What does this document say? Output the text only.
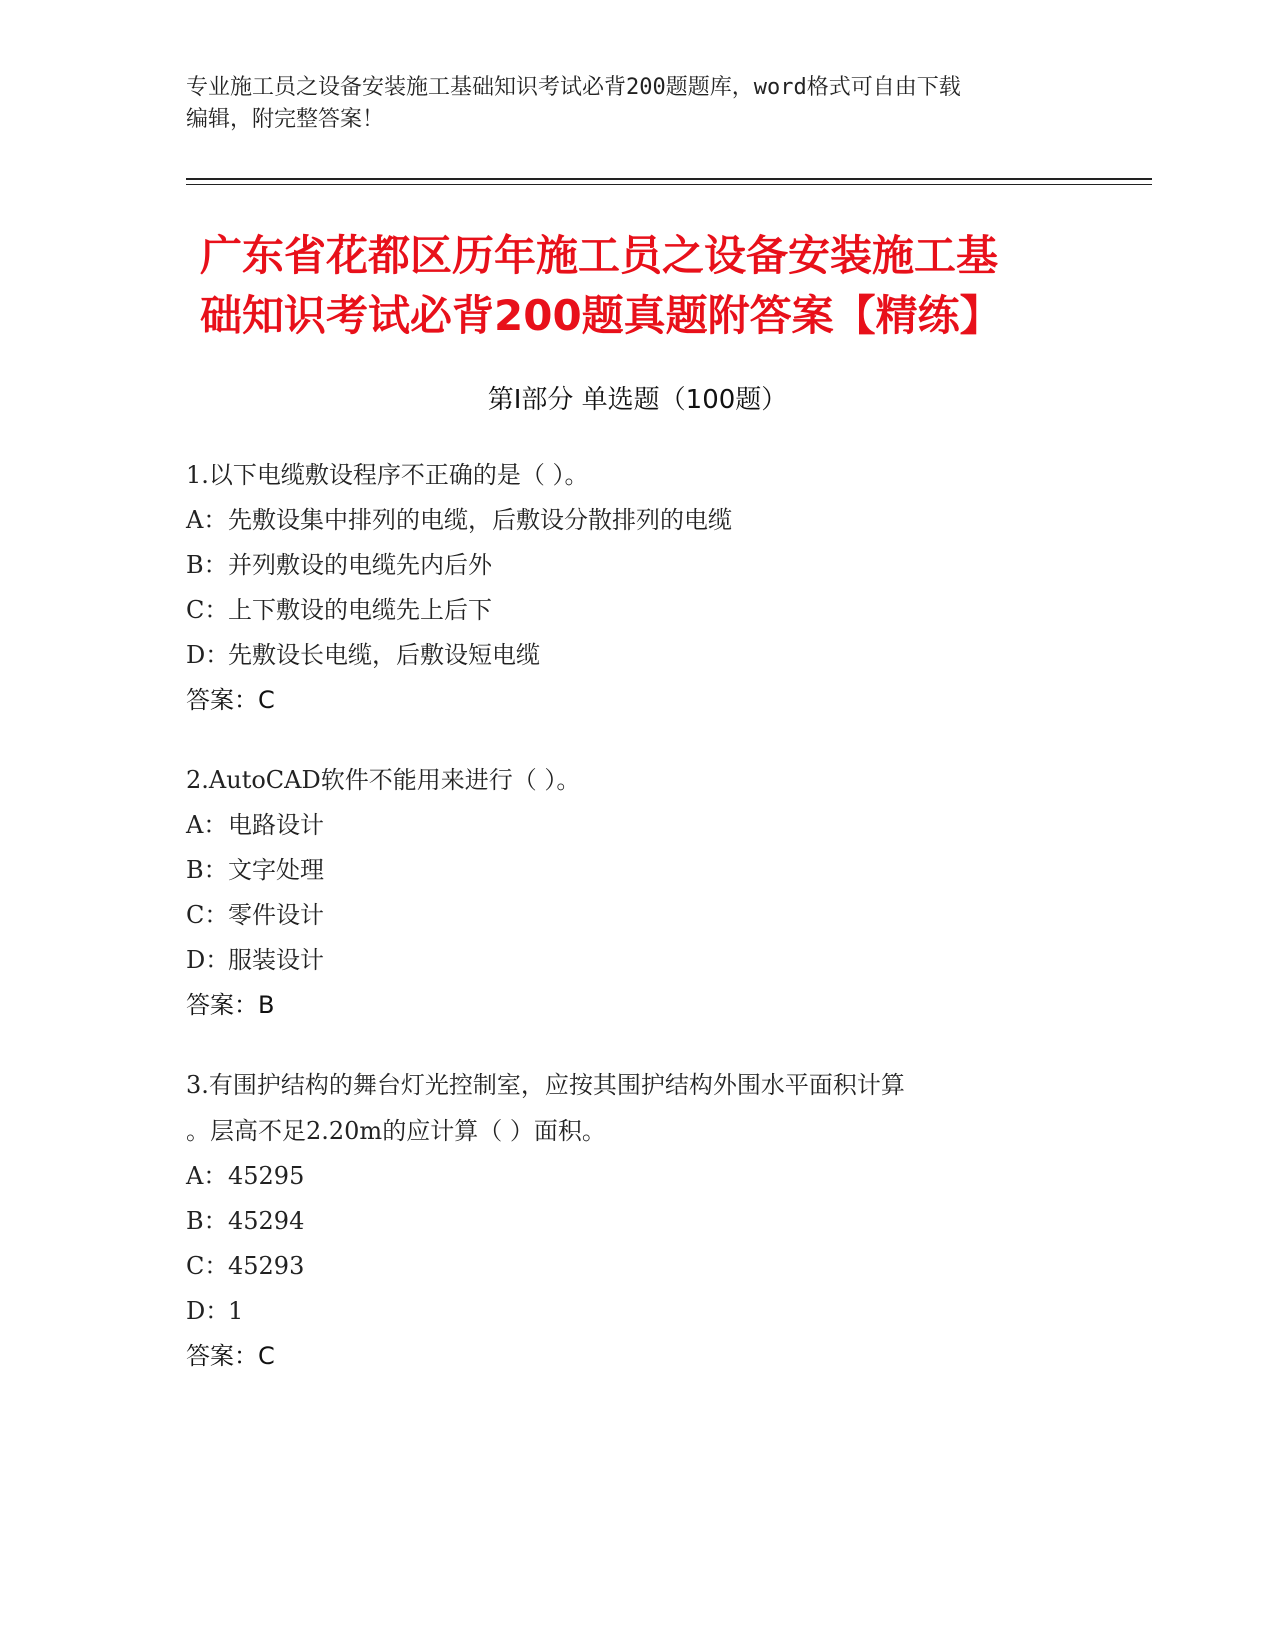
专业施工员之设备安装施工基础知识考试必背200题题库，word格式可自由下载
编辑，附完整答案！
广东省花都区历年施工员之设备安装施工基
础知识考试必背200题真题附答案【精练】
第Ⅰ部分 单选题（100题）
1.以下电缆敷设程序不正确的是（ ）。
A：先敷设集中排列的电缆，后敷设分散排列的电缆
B：并列敷设的电缆先内后外
C：上下敷设的电缆先上后下
D：先敷设长电缆，后敷设短电缆
答案：C
2.AutoCAD软件不能用来进行（ ）。
A：电路设计
B：文字处理
C：零件设计
D：服装设计
答案：B
3.有围护结构的舞台灯光控制室，应按其围护结构外围水平面积计算
。层高不足2.20m的应计算（ ）面积。
A：45295
B：45294
C：45293
D：1
答案：C
